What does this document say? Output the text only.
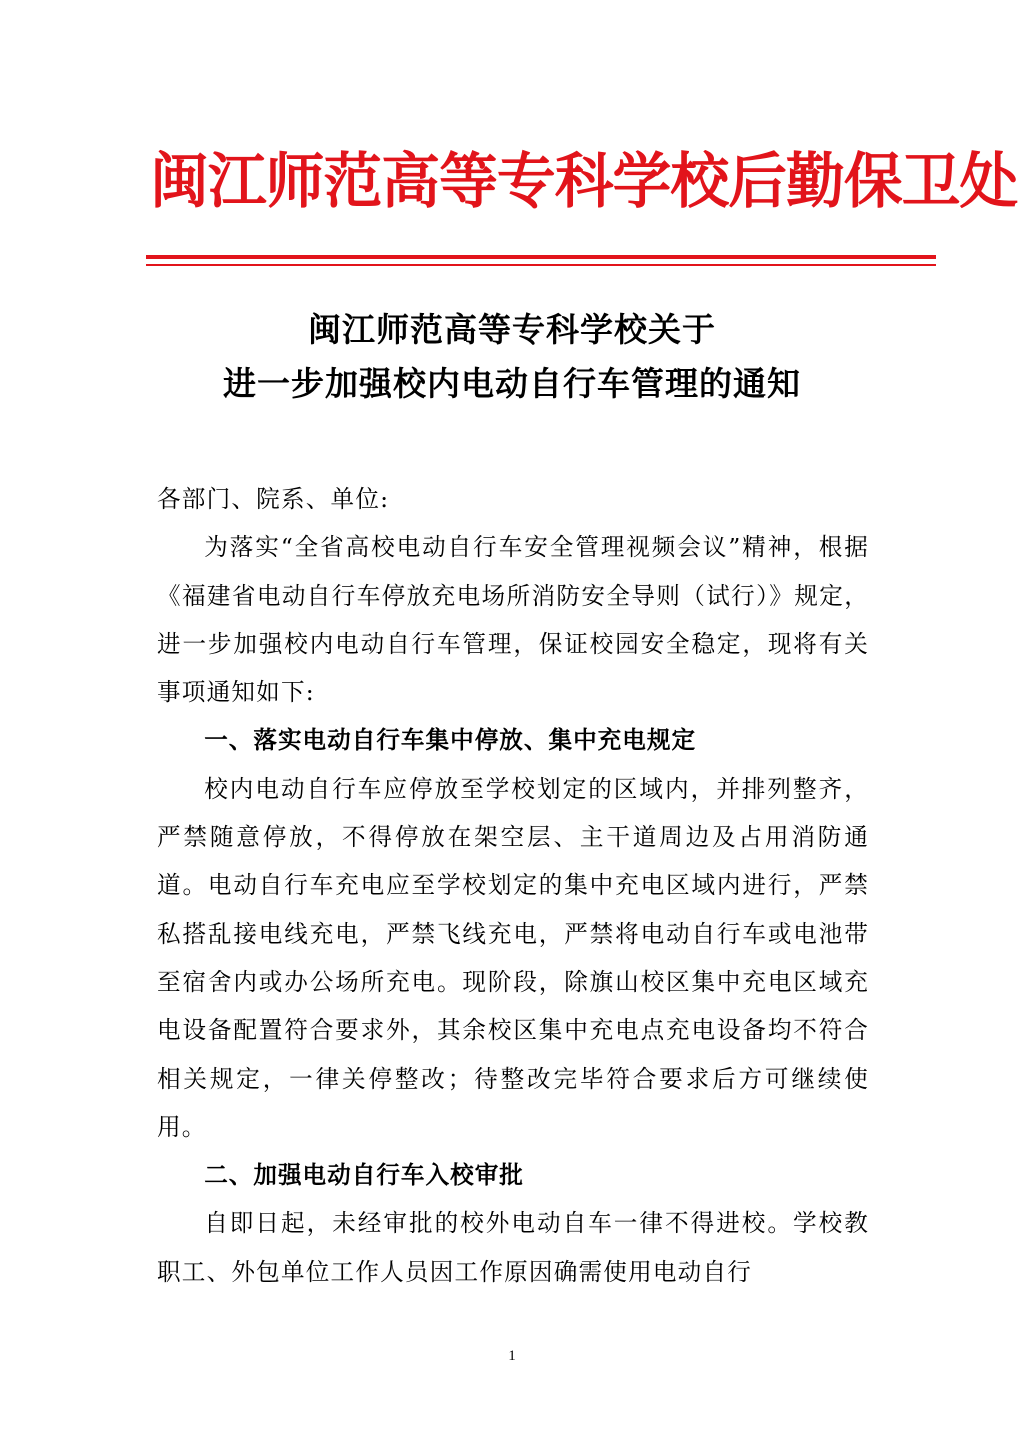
闽江师范高等专科学校后勤保卫处
闽江师范高等专科学校关于
进一步加强校内电动自行车管理的通知

各部门、院系、单位:

为落实“全省高校电动自行车安全管理视频会议”精神，根据《福建省电动自行车停放充电场所消防安全导则（试行）》规定，进一步加强校内电动自行车管理，保证校园安全稳定，现将有关事项通知如下:

一、落实电动自行车集中停放、集中充电规定

校内电动自行车应停放至学校划定的区域内，并排列整齐，严禁随意停放，不得停放在架空层、主干道周边及占用消防通道。电动自行车充电应至学校划定的集中充电区域内进行，严禁私搭乱接电线充电，严禁飞线充电，严禁将电动自行车或电池带至宿舍内或办公场所充电。现阶段，除旗山校区集中充电区域充电设备配置符合要求外，其余校区集中充电点充电设备均不符合相关规定，一律关停整改；待整改完毕符合要求后方可继续使用。

二、加强电动自行车入校审批

自即日起，未经审批的校外电动自车一律不得进校。学校教职工、外包单位工作人员因工作原因确需使用电动自行

1
